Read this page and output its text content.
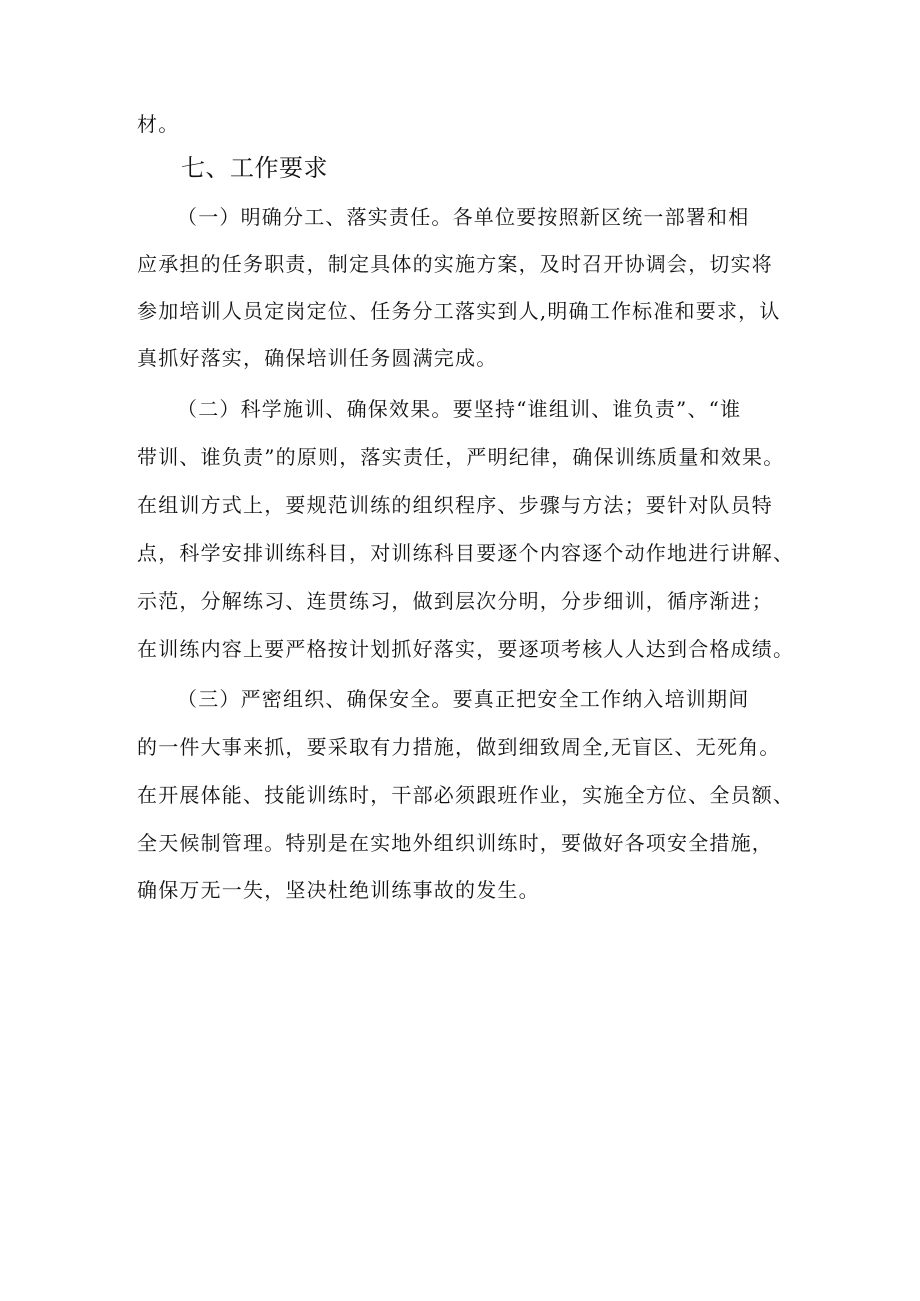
材。
七、工作要求
（一）明确分工、落实责任。各单位要按照新区统一部署和相
应承担的任务职责，制定具体的实施方案，及时召开协调会，切实将
参加培训人员定岗定位、任务分工落实到人,明确工作标准和要求，认
真抓好落实，确保培训任务圆满完成。
（二）科学施训、确保效果。要坚持“谁组训、谁负责”、“谁
带训、谁负责”的原则，落实责任，严明纪律，确保训练质量和效果。
在组训方式上，要规范训练的组织程序、步骤与方法；要针对队员特
点，科学安排训练科目，对训练科目要逐个内容逐个动作地进行讲解、
示范，分解练习、连贯练习，做到层次分明，分步细训，循序渐进；
在训练内容上要严格按计划抓好落实，要逐项考核人人达到合格成绩。
（三）严密组织、确保安全。要真正把安全工作纳入培训期间
的一件大事来抓，要采取有力措施，做到细致周全,无盲区、无死角。
在开展体能、技能训练时，干部必须跟班作业，实施全方位、全员额、
全天候制管理。特别是在实地外组织训练时，要做好各项安全措施，
确保万无一失，坚决杜绝训练事故的发生。
